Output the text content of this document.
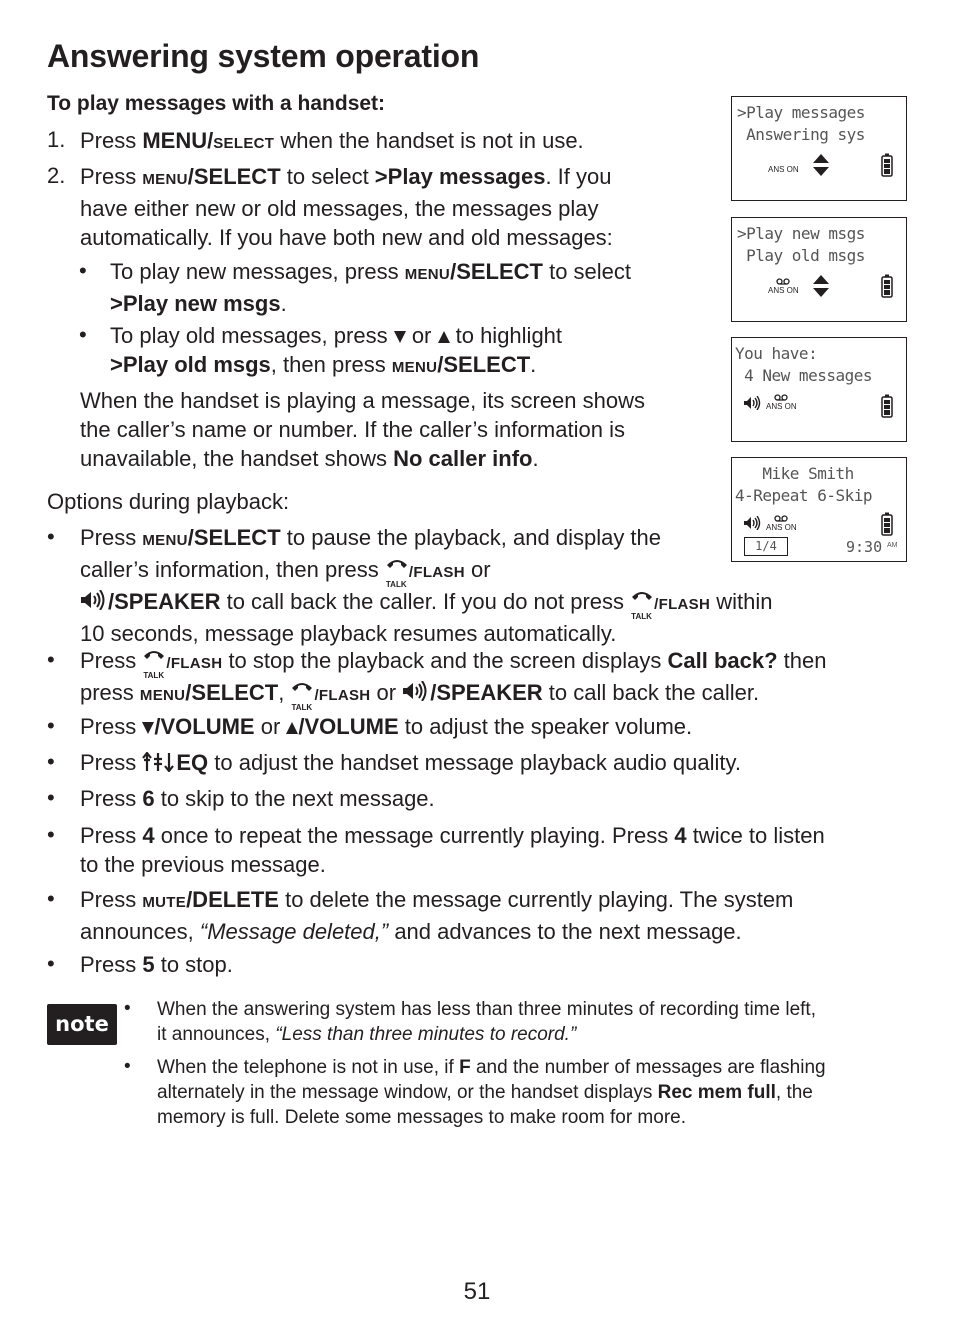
Answering system operation
To play messages with a handset:
1. Press MENU/SELECT when the handset is not in use.
2. Press MENU/SELECT to select >Play messages. If you
have either new or old messages, the messages play
automatically. If you have both new and old messages:
• To play new messages, press MENU/SELECT to select
>Play new msgs.
• To play old messages, press  or  to highlight
>Play old msgs, then press MENU/SELECT.
When the handset is playing a message, its screen shows
the caller’s name or number. If the caller’s information is
unavailable, the handset shows No caller info.
Options during playback:
• Press MENU/SELECT to pause the playback, and display the
caller’s information, then press
TALK
/FLASH or
/SPEAKER to call back the caller. If you do not press
TALK
/FLASH within
10 seconds, message playback resumes automatically.
• Press
TALK
/FLASH to stop the playback and the screen displays Call back? then
press MENU/SELECT,
TALK
/FLASH or /SPEAKER to call back the caller.
• Press /VOLUME or /VOLUME to adjust the speaker volume.
• Press EQ to adjust the handset message playback audio quality.
• Press 6 to skip to the next message.
• Press 4 once to repeat the message currently playing. Press 4 twice to listen
to the previous message.
• Press MUTE/DELETE to delete the message currently playing. The system
announces, “Message deleted,” and advances to the next message.
• Press 5 to stop.
note
• When the answering system has less than three minutes of recording time left,
it announces, “Less than three minutes to record.”
• When the telephone is not in use, if F and the number of messages are flashing
alternately in the message window, or the handset displays Rec mem full, the
memory is full. Delete some messages to make room for more.
>Play messages
Answering sys
ANS ON
>Play new msgs
Play old msgs
ANS ON
You have:
4 New messages
ANS ON
Mike Smith
4-Repeat 6-Skip
ANS ON
1/4	9:30 AM
51
